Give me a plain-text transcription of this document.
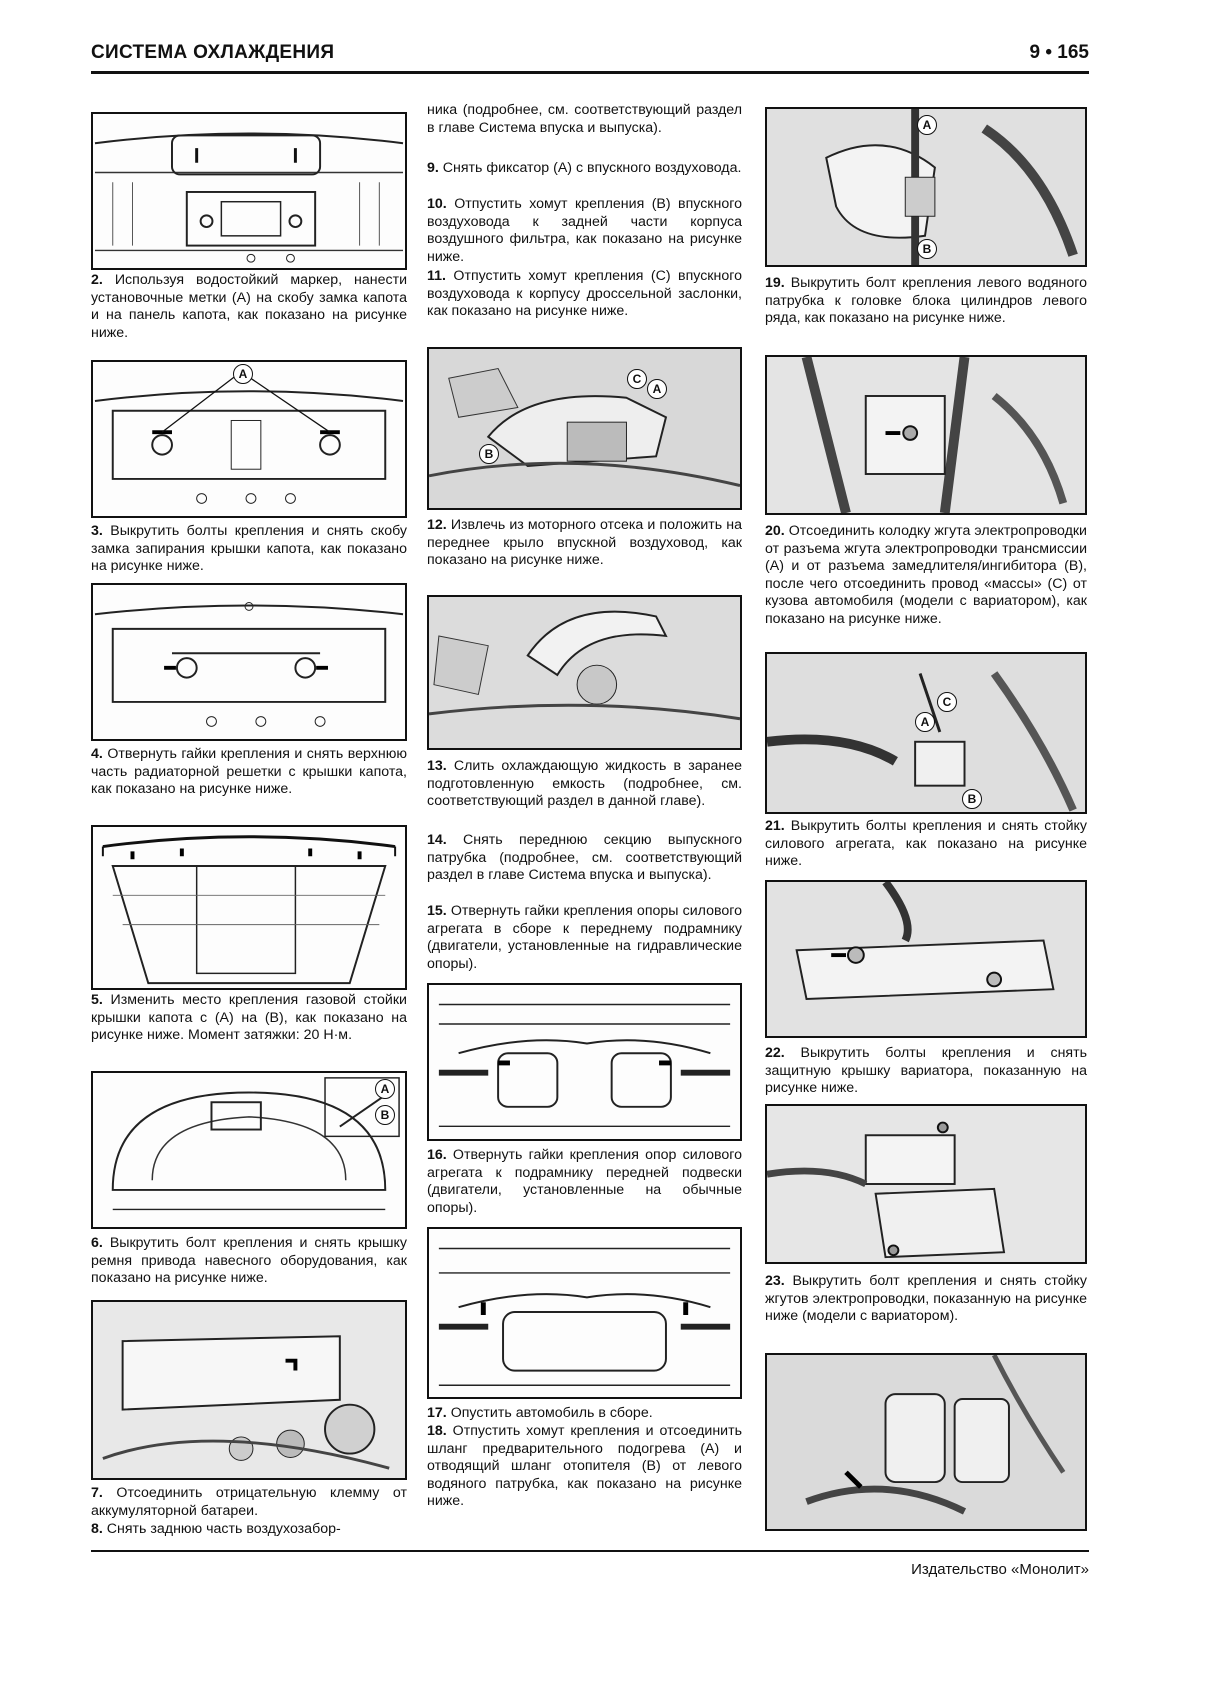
СИСТЕМА ОХЛАЖДЕНИЯ	9 • 165

2. Используя водостойкий маркер, нанести установочные метки (A) на скобу замка капота и на панель капота, как показано на рисунке ниже.

A

3. Выкрутить болты крепления и снять скобу замка запирания крышки капота, как показано на рисунке ниже.

4. Отвернуть гайки крепления и снять верхнюю часть радиаторной решетки с крышки капота, как показано на рисунке ниже.

5. Изменить место крепления газовой стойки крышки капота с (A) на (B), как показано на рисунке ниже. Момент затяжки: 20 Н·м.

A
B

6. Выкрутить болт крепления и снять крышку ремня привода навесного оборудования, как показано на рисунке ниже.

7. Отсоединить отрицательную клемму от аккумуляторной батареи.

8. Снять заднюю часть воздухозабор-

ника (подробнее, см. соответствующий раздел в главе Система впуска и выпуска).

9. Снять фиксатор (A) с впускного воздуховода.

10. Отпустить хомут крепления (B) впускного воздуховода к задней части корпуса воздушного фильтра, как показано на рисунке ниже.

11. Отпустить хомут крепления (C) впускного воздуховода к корпусу дроссельной заслонки, как показано на рисунке ниже.

C
A
B

12. Извлечь из моторного отсека и положить на переднее крыло впускной воздуховод, как показано на рисунке ниже.

13. Слить охлаждающую жидкость в заранее подготовленную емкость (подробнее, см. соответствующий раздел в данной главе).

14. Снять переднюю секцию выпускного патрубка (подробнее, см. соответствующий раздел в главе Система впуска и выпуска).

15. Отвернуть гайки крепления опоры силового агрегата в сборе к переднему подрамнику (двигатели, установленные на гидравлические опоры).

16. Отвернуть гайки крепления опор силового агрегата к подрамнику передней подвески (двигатели, установленные на обычные опоры).

17. Опустить автомобиль в сборе.

18. Отпустить хомут крепления и отсоединить шланг предварительного подогрева (A) и отводящий шланг отопителя (B) от левого водяного патрубка, как показано на рисунке ниже.

A
B

19. Выкрутить болт крепления левого водяного патрубка к головке блока цилиндров левого ряда, как показано на рисунке ниже.

20. Отсоединить колодку жгута электропроводки от разъема жгута электропроводки трансмиссии (A) и от разъема замедлителя/ингибитора (B), после чего отсоединить провод «массы» (C) от кузова автомобиля (модели с вариатором), как показано на рисунке ниже.

C
A
B

21. Выкрутить болты крепления и снять стойку силового агрегата, как показано на рисунке ниже.

22. Выкрутить болты крепления и снять защитную крышку вариатора, показанную на рисунке ниже.

23. Выкрутить болт крепления и снять стойку жгутов электропроводки, показанную на рисунке ниже (модели с вариатором).

Издательство «Монолит»
